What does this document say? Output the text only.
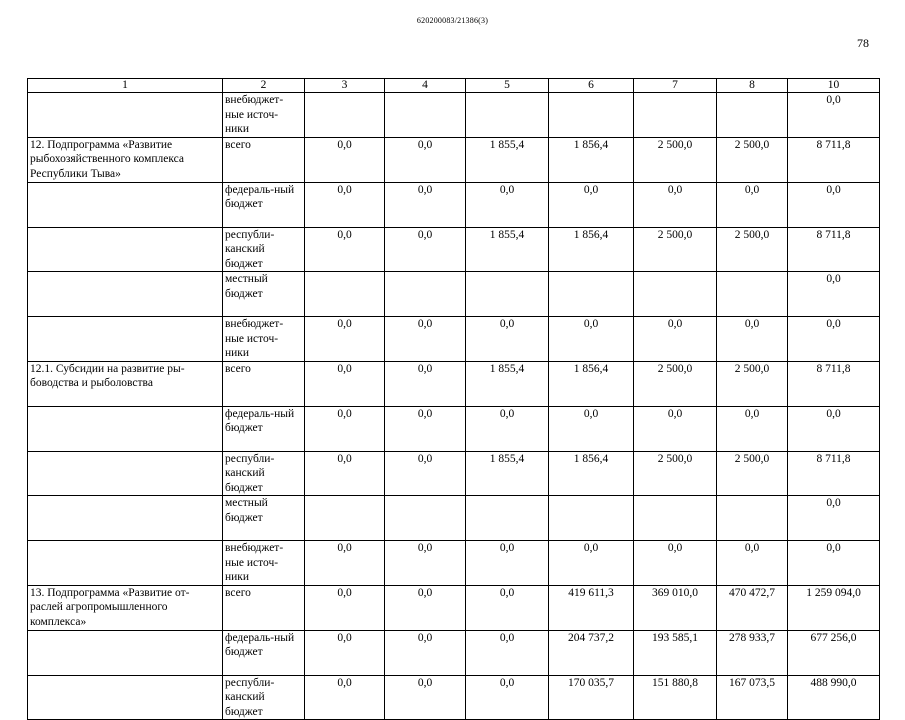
620200083/21386(3)
78
1	2	3	4	5	6	7	8	10
	внебюджет-ные источ-ники							0,0
12. Подпрограмма «Развитие рыбохозяйственного комплекса Республики Тыва»	всего	0,0	0,0	1 855,4	1 856,4	2 500,0	2 500,0	8 711,8
	федераль-ный бюджет	0,0	0,0	0,0	0,0	0,0	0,0	0,0
	республи-канский бюджет	0,0	0,0	1 855,4	1 856,4	2 500,0	2 500,0	8 711,8
	местный бюджет							0,0
	внебюджет-ные источ-ники	0,0	0,0	0,0	0,0	0,0	0,0	0,0
12.1. Субсидии на развитие ры-боводства и рыболовства	всего	0,0	0,0	1 855,4	1 856,4	2 500,0	2 500,0	8 711,8
	федераль-ный бюджет	0,0	0,0	0,0	0,0	0,0	0,0	0,0
	республи-канский бюджет	0,0	0,0	1 855,4	1 856,4	2 500,0	2 500,0	8 711,8
	местный бюджет							0,0
	внебюджет-ные источ-ники	0,0	0,0	0,0	0,0	0,0	0,0	0,0
13. Подпрограмма «Развитие от-раслей агропромышленного комплекса»	всего	0,0	0,0	0,0	419 611,3	369 010,0	470 472,7	1 259 094,0
	федераль-ный бюджет	0,0	0,0	0,0	204 737,2	193 585,1	278 933,7	677 256,0
	республи-канский бюджет	0,0	0,0	0,0	170 035,7	151 880,8	167 073,5	488 990,0
